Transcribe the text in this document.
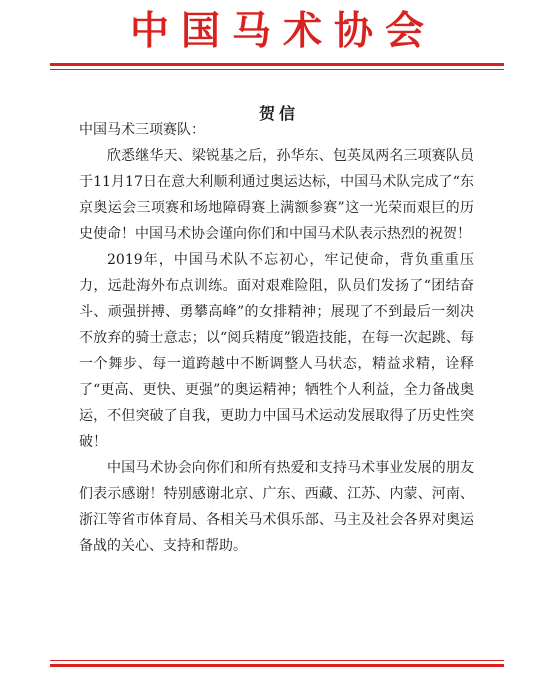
中国马术协会
贺信

中国马术三项赛队：

欣悉继华天、梁锐基之后，孙华东、包英凤两名三项赛队员于11月17日在意大利顺利通过奥运达标，中国马术队完成了“东京奥运会三项赛和场地障碍赛上满额参赛”这一光荣而艰巨的历史使命！中国马术协会谨向你们和中国马术队表示热烈的祝贺！

2019年，中国马术队不忘初心，牢记使命，背负重重压力，远赴海外布点训练。面对艰难险阻，队员们发扬了“团结奋斗、顽强拼搏、勇攀高峰”的女排精神；展现了不到最后一刻决不放弃的骑士意志；以“阅兵精度”锻造技能，在每一次起跳、每一个舞步、每一道跨越中不断调整人马状态，精益求精，诠释了“更高、更快、更强”的奥运精神；牺牲个人利益，全力备战奥运，不但突破了自我，更助力中国马术运动发展取得了历史性突破！

中国马术协会向你们和所有热爱和支持马术事业发展的朋友们表示感谢！特别感谢北京、广东、西藏、江苏、内蒙、河南、浙江等省市体育局、各相关马术俱乐部、马主及社会各界对奥运备战的关心、支持和帮助。
